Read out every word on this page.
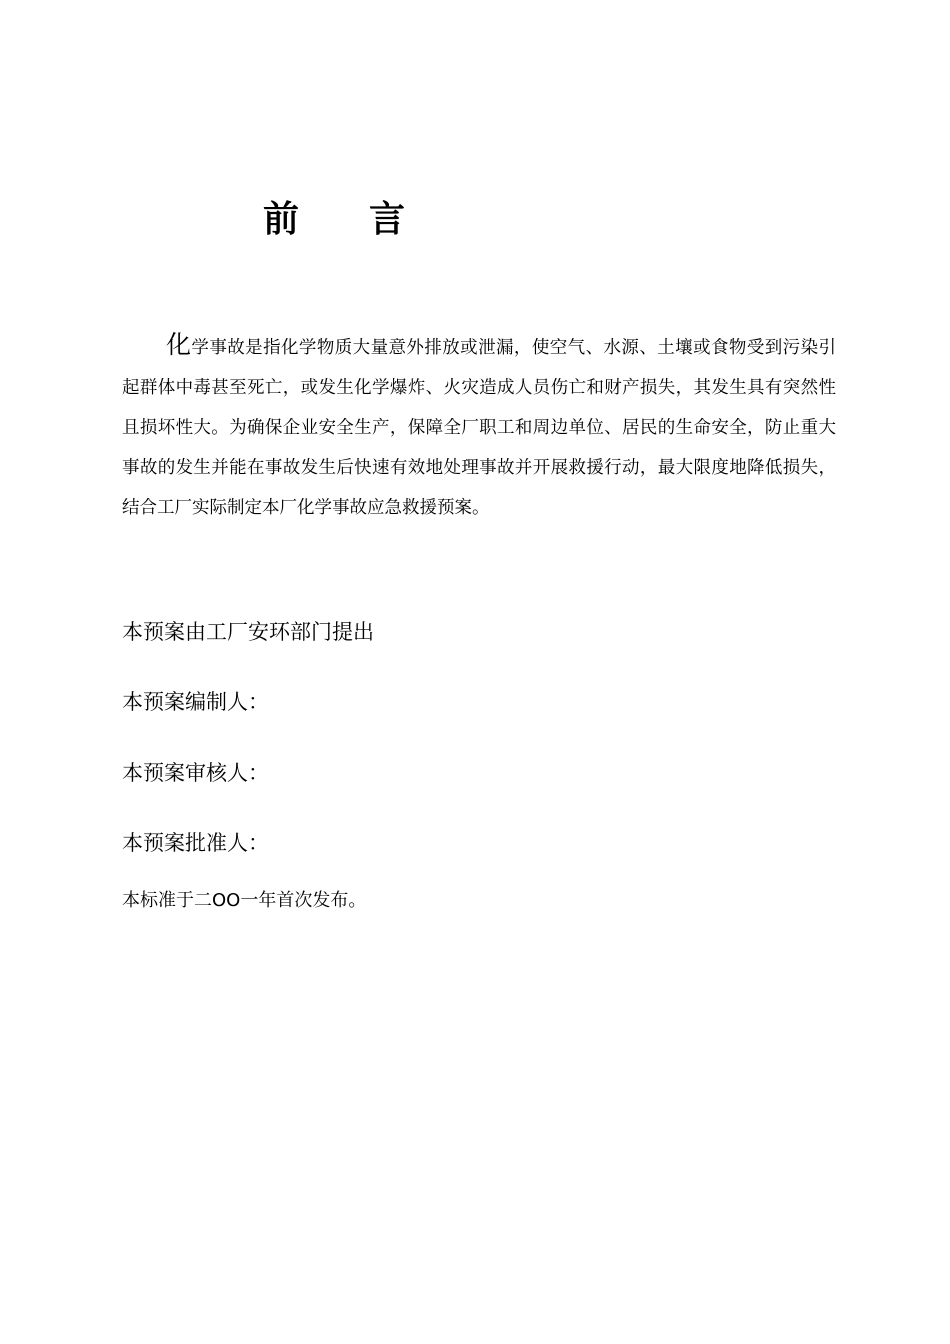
前 言
化学事故是指化学物质大量意外排放或泄漏，使空气、水源、土壤或食物受到污染引起群体中毒甚至死亡，或发生化学爆炸、火灾造成人员伤亡和财产损失，其发生具有突然性且损坏性大。为确保企业安全生产，保障全厂职工和周边单位、居民的生命安全，防止重大事故的发生并能在事故发生后快速有效地处理事故并开展救援行动，最大限度地降低损失，结合工厂实际制定本厂化学事故应急救援预案。
本预案由工厂安环部门提出
本预案编制人：
本预案审核人：
本预案批准人：
本标准于二OO一年首次发布。
